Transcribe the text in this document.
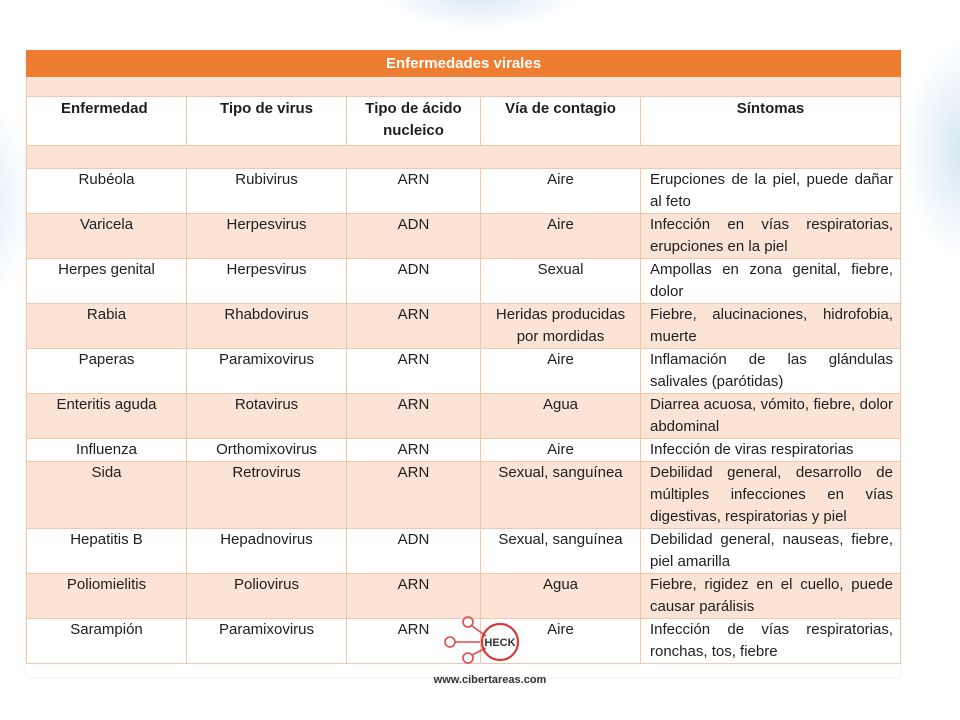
Enfermedades virales				

Enfermedad	Tipo de virus	Tipo de ácido nucleico	Vía de contagio	Síntomas

Rubéola	Rubivirus	ARN	Aire	Erupciones de la piel, puede dañar al feto
Varicela	Herpesvirus	ADN	Aire	Infección en vías respiratorias, erupciones en la piel
Herpes genital	Herpesvirus	ADN	Sexual	Ampollas en zona genital, fiebre, dolor
Rabia	Rhabdovirus	ARN	Heridas producidas por mordidas	Fiebre, alucinaciones, hidrofobia, muerte
Paperas	Paramixovirus	ARN	Aire	Inflamación de las glándulas salivales (parótidas)
Enteritis aguda	Rotavirus	ARN	Agua	Diarrea acuosa, vómito, fiebre, dolor abdominal
Influenza	Orthomixovirus	ARN	Aire	Infección de viras respiratorias
Sida	Retrovirus	ARN	Sexual, sanguínea	Debilidad general, desarrollo de múltiples infecciones en vías digestivas, respiratorias y piel
Hepatitis B	Hepadnovirus	ADN	Sexual, sanguínea	Debilidad general, nauseas, fiebre, piel amarilla
Poliomielitis	Poliovirus	ARN	Agua	Fiebre, rigidez en el cuello, puede causar parálisis
Sarampión	Paramixovirus	ARN	Aire	Infección de vías respiratorias, ronchas, tos, fiebre
HECK
www.cibertareas.com
